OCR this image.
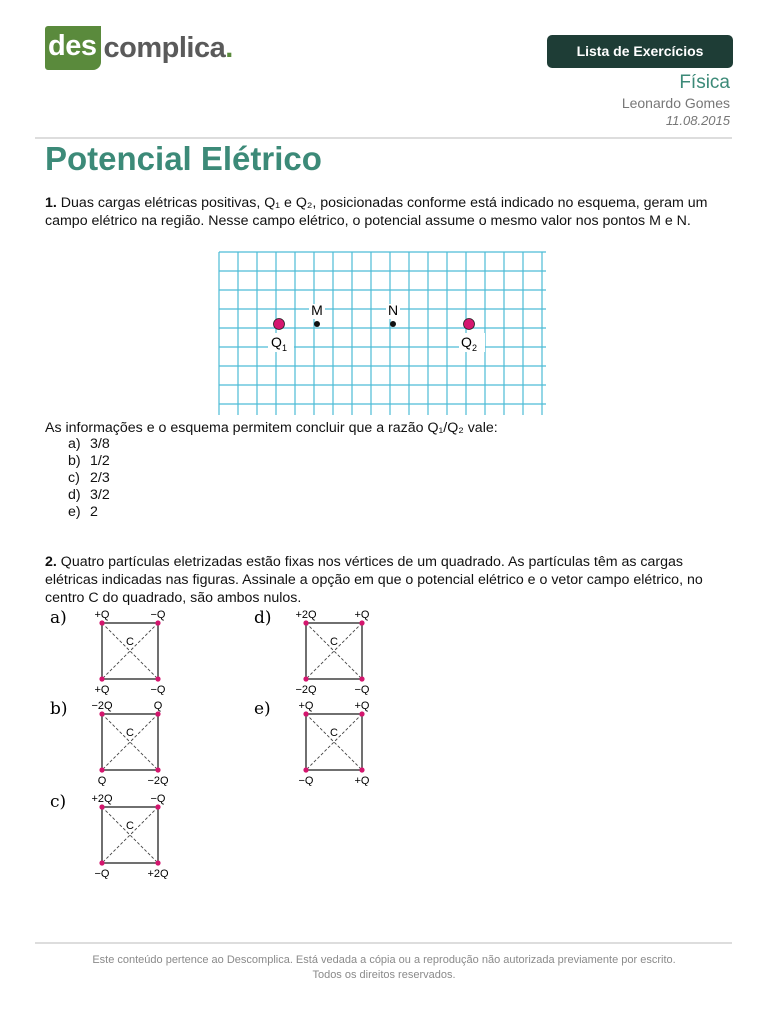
des complica .	Lista de Exercícios
Física
Leonardo Gomes
11.08.2015
Potencial Elétrico
1. Duas cargas elétricas positivas, Q₁ e Q₂, posicionadas conforme está indicado no esquema, geram um campo elétrico na região. Nesse campo elétrico, o potencial assume o mesmo valor nos pontos M e N.
M	N
Q 1	Q 2
As informações e o esquema permitem concluir que a razão Q₁/Q₂ vale:
a) 3/8
b) 1/2
c) 2/3
d) 3/2
e) 2
2. Quatro partículas eletrizadas estão fixas nos vértices de um quadrado. As partículas têm as cargas elétricas indicadas nas figuras. Assinale a opção em que o potencial elétrico e o vetor campo elétrico, no centro C do quadrado, são ambos nulos.
a)
C
+Q	−Q
+Q	−Q
b)
C
−2Q	Q
Q	−2Q
c)
C
+2Q	−Q
−Q	+2Q
d)
C
+2Q	+Q
−2Q	−Q
e)
C
+Q	+Q
−Q	+Q
Este conteúdo pertence ao Descomplica. Está vedada a cópia ou a reprodução não autorizada previamente por escrito.
Todos os direitos reservados.
